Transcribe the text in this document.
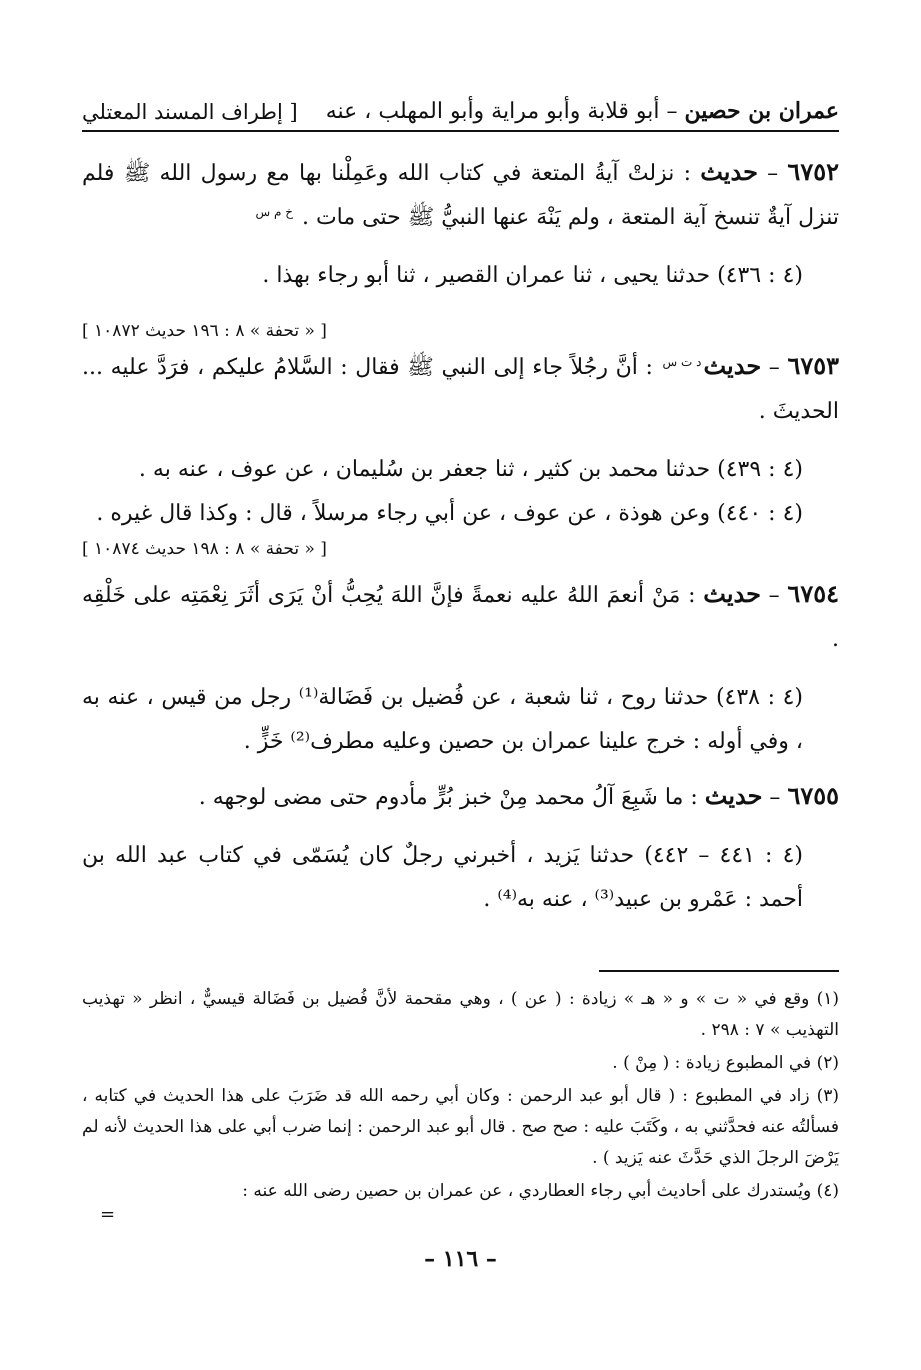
عمران بن حصين – أبو قلابة وأبو مراية وأبو المهلب ، عنه
[ إطراف المسند المعتلي

٦٧٥٢ – حديث : نزلتْ آيةُ المتعة في كتاب الله وعَمِلْنا بها مع رسول الله ﷺ فلم تنزل آيةٌ تنسخ آية المتعة ، ولم يَنْهَ عنها النبيُّ ﷺ حتى مات . خ م س

(٤ : ٤٣٦) حدثنا يحيى ، ثنا عمران القصير ، ثنا أبو رجاء بهذا .

[ « تحفة » ٨ : ١٩٦ حديث ١٠٨٧٢ ]

٦٧٥٣ – حديثد ت س : أنَّ رجُلاً جاء إلى النبي ﷺ فقال : السَّلامُ عليكم ، فرَدَّ عليه ... الحديثَ .

(٤ : ٤٣٩) حدثنا محمد بن كثير ، ثنا جعفر بن سُليمان ، عن عوف ، عنه به .

(٤ : ٤٤٠) وعن هوذة ، عن عوف ، عن أبي رجاء مرسلاً ، قال : وكذا قال غيره .

[ « تحفة » ٨ : ١٩٨ حديث ١٠٨٧٤ ]

٦٧٥٤ – حديث : مَنْ أنعمَ اللهُ عليه نعمةً فإنَّ اللهَ يُحِبُّ أنْ يَرَى أثَرَ نِعْمَتِه على خَلْقِه .

(٤ : ٤٣٨) حدثنا روح ، ثنا شعبة ، عن فُضيل بن فَضَالة⁽¹⁾ رجل من قيس ، عنه به ، وفي أوله : خرج علينا عمران بن حصين وعليه مطرف⁽²⁾ خَزٍّ .

٦٧٥٥ – حديث : ما شَبِعَ آلُ محمد مِنْ خبز بُرٍّ مأدوم حتى مضى لوجهه .

(٤ : ٤٤١ – ٤٤٢) حدثنا يَزيد ، أخبرني رجلٌ كان يُسَمّى في كتاب عبد الله بن أحمد : عَمْرو بن عبيد⁽³⁾ ، عنه به⁽⁴⁾ .

(١) وقع في « ت » و « هـ » زيادة : ( عن ) ، وهي مقحمة لأنَّ فُضيل بن فَضَالة قيسيٌّ ، انظر « تهذيب التهذيب » ٧ : ٢٩٨ .

(٢) في المطبوع زيادة : ( مِنْ ) .

(٣) زاد في المطبوع : ( قال أبو عبد الرحمن : وكان أبي رحمه الله قد ضَرَبَ على هذا الحديث في كتابه ، فسألتُه عنه فحدَّثني به ، وكَتَبَ عليه : صح صح . قال أبو عبد الرحمن : إنما ضرب أبي على هذا الحديث لأنه لم يَرْضَ الرجلَ الذي حَدَّثَ عنه يَزيد ) .

(٤) ويُستدرك على أحاديث أبي رجاء العطاردي ، عن عمران بن حصين رضى الله عنه :

=
– ١١٦ –
